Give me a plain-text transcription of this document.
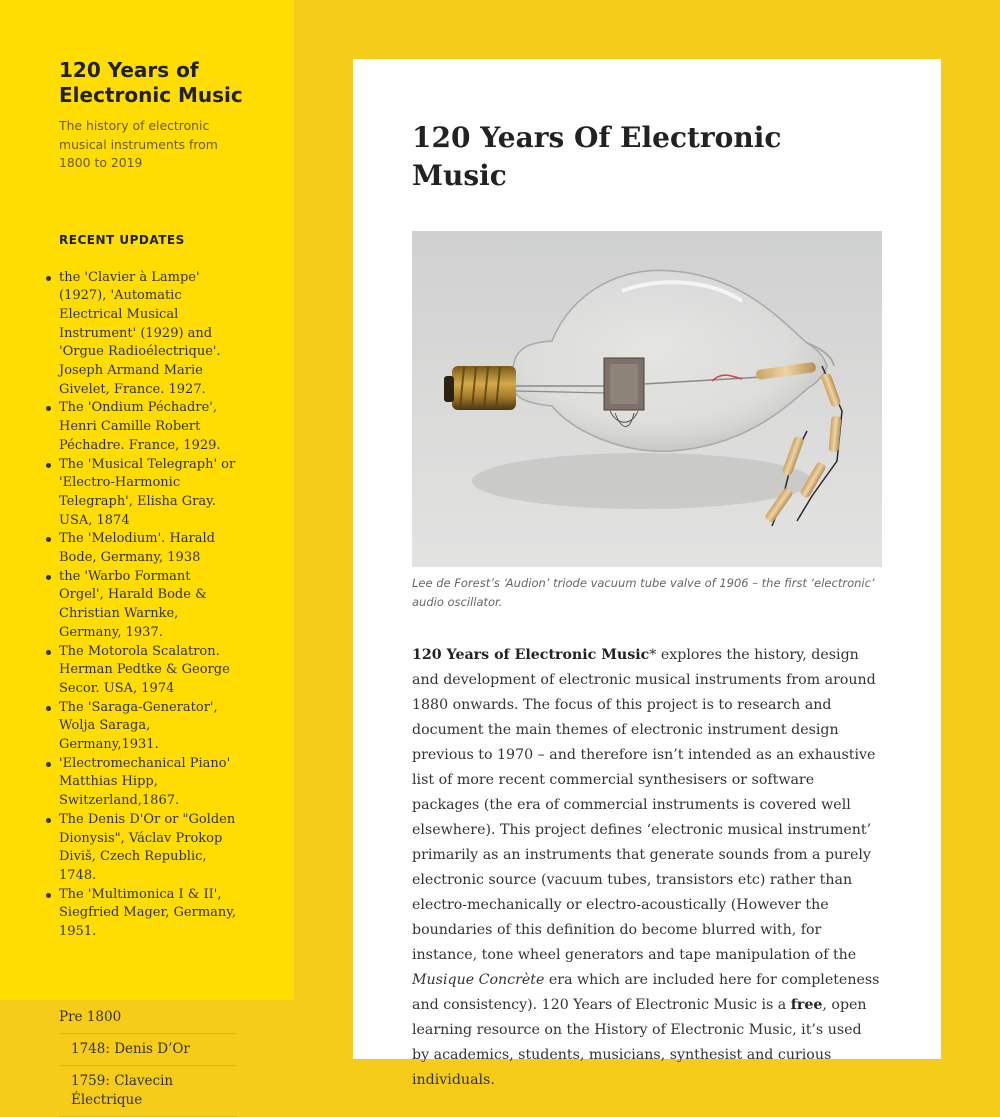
120 Years of Electronic Music

The history of electronic musical instruments from 1800 to 2019

RECENT UPDATES
the 'Clavier à Lampe' (1927), 'Automatic Electrical Musical Instrument' (1929) and 'Orgue Radioélectrique'. Joseph Armand Marie Givelet, France. 1927.
The 'Ondium Péchadre', Henri Camille Robert Péchadre. France, 1929.
The 'Musical Telegraph' or 'Electro-Harmonic Telegraph', Elisha Gray. USA, 1874
The 'Melodium'. Harald Bode, Germany, 1938
the 'Warbo Formant Orgel', Harald Bode & Christian Warnke, Germany, 1937.
The Motorola Scalatron. Herman Pedtke & George Secor. USA, 1974
The 'Saraga-Generator', Wolja Saraga, Germany,1931.
'Electromechanical Piano' Matthias Hipp, Switzerland,1867.
The Denis D'Or or "Golden Dionysis", Václav Prokop Diviš, Czech Republic, 1748.
The 'Multimonica I & II', Siegfried Mager, Germany, 1951.
Pre 1800
1748: Denis D’Or
1759: Clavecin Électrique
120 Years Of Electronic Music

Lee de Forest’s ‘Audion’ triode vacuum tube valve of 1906 – the first ‘electronic’ audio oscillator.

120 Years of Electronic Music* explores the history, design and development of electronic musical instruments from around 1880 onwards. The focus of this project is to research and document the main themes of electronic instrument design previous to 1970 – and therefore isn’t intended as an exhaustive list of more recent commercial synthesisers or software packages (the era of commercial instruments is covered well elsewhere). This project defines ‘electronic musical instrument’ primarily as an instruments that generate sounds from a purely electronic source (vacuum tubes, transistors etc) rather than electro-mechanically or electro-acoustically (However the boundaries of this definition do become blurred with, for instance, tone wheel generators and tape manipulation of the Musique Concrète era which are included here for completeness and consistency). 120 Years of Electronic Music is a free, open learning resource on the History of Electronic Music, it’s used by academics, students, musicians, synthesist and curious individuals.
